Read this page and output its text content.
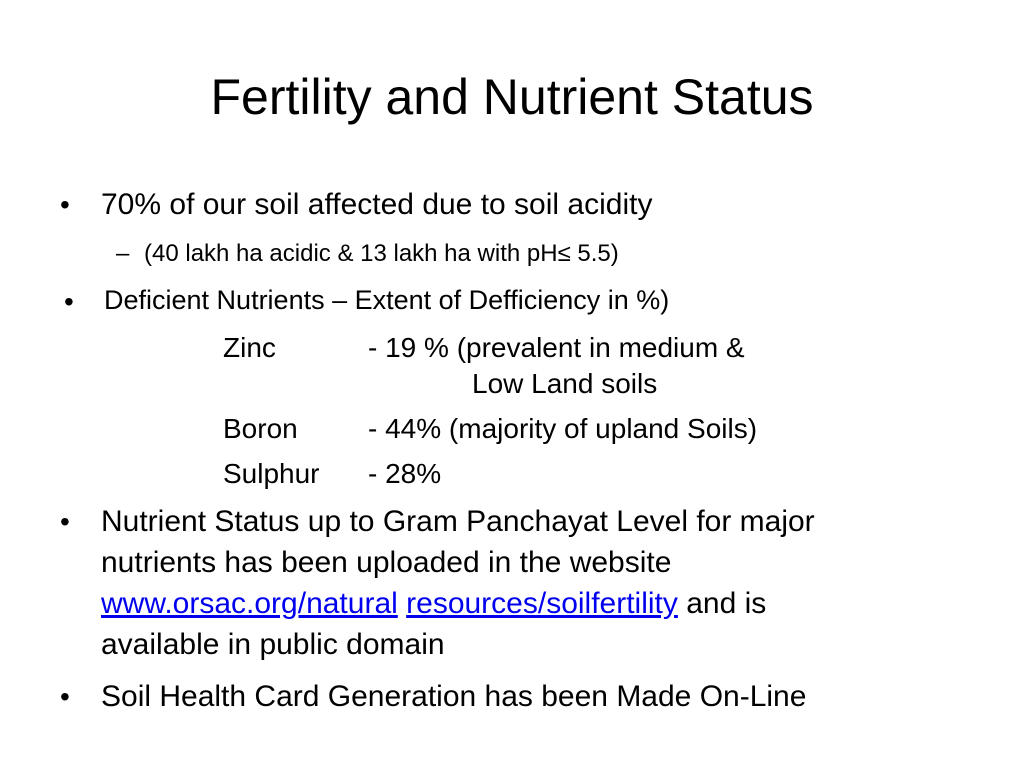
Fertility and Nutrient Status
• 70% of our soil affected due to soil acidity
– (40 lakh ha acidic & 13 lakh ha with pH≤ 5.5)
• Deficient Nutrients – Extent of Defficiency in %)
Zinc	- 19 % (prevalent in medium &
Low Land soils
Boron	- 44% (majority of upland Soils)
Sulphur - 28%
• Nutrient Status up to Gram Panchayat Level for major
nutrients has been uploaded in the website
www.orsac.org/natural resources/soilfertility and is
available in public domain
• Soil Health Card Generation has been Made On-Line
